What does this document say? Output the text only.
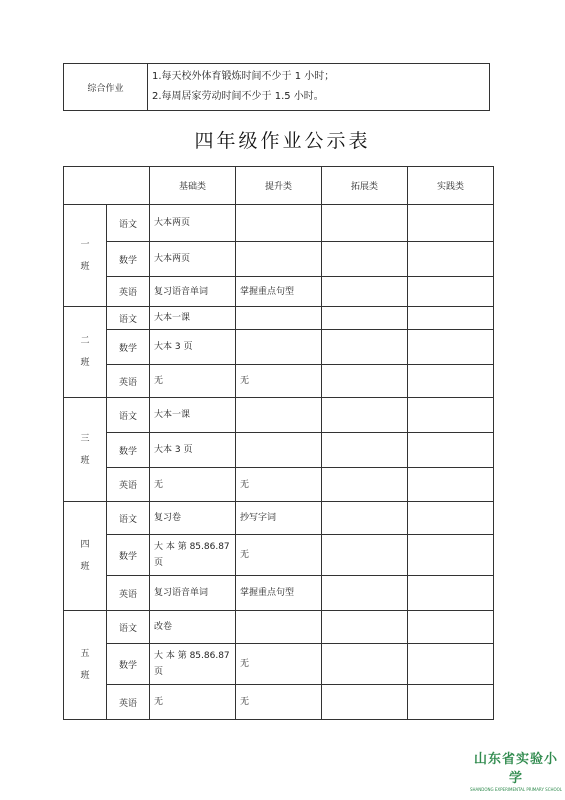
综合作业	
1.每天校外体育锻炼时间不少于 1 小时；
2.每周居家劳动时间不少于 1.5 小时。
四年级作业公示表
		基础类	提升类	拓展类	实践类

一
班	语文	大本两页			
	数学	大本两页			
	英语	复习语音单词	掌握重点句型		

二
班	语文	大本一课			
	数学	大本 3 页			
	英语	无	无		

三
班	语文	大本一课			
	数学	大本 3 页			
	英语	无	无		

四
班	语文	复习卷	抄写字词		
	数学	大 本 第 85.86.87 页	无		
	英语	复习语音单词	掌握重点句型		

五
班	语文	改卷			
	数学	大 本 第 85.86.87 页	无		
	英语	无	无		
山东省实验小学
SHANDONG EXPERIMENTAL PRIMARY SCHOOL
